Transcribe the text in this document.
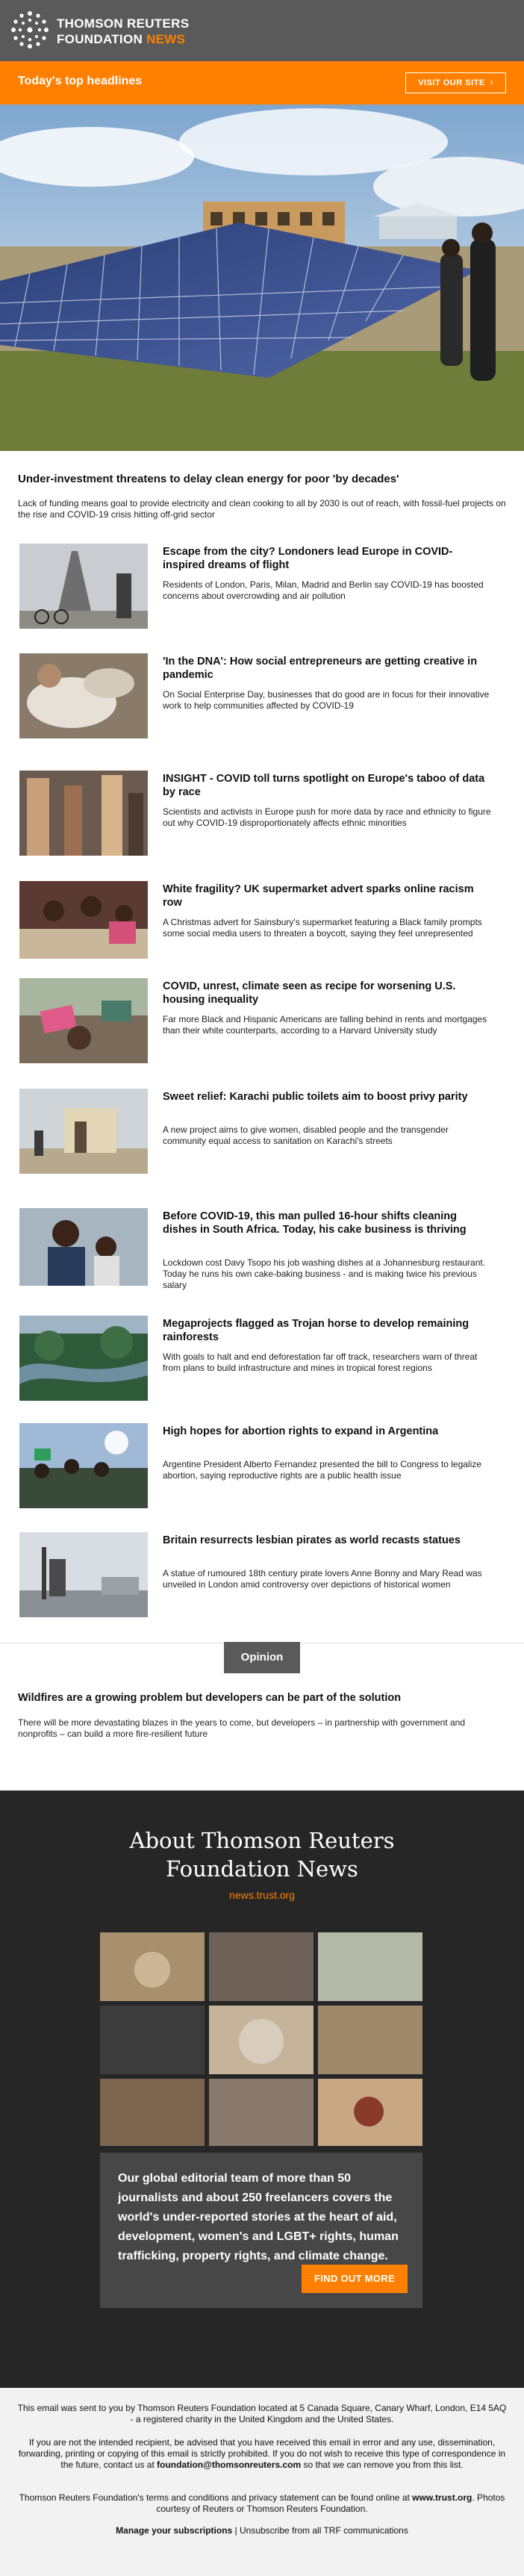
THOMSON REUTERS
FOUNDATION NEWS
Today's top headlines	VISIT OUR SITE ›
Under-investment threatens to delay clean energy for poor 'by decades'
Lack of funding means goal to provide electricity and clean cooking to all by 2030 is out of reach, with fossil-fuel projects on the rise and COVID-19 crisis hitting off-grid sector
Escape from the city? Londoners lead Europe in COVID-inspired dreams of flight
Residents of London, Paris, Milan, Madrid and Berlin say COVID-19 has boosted concerns about overcrowding and air pollution
'In the DNA': How social entrepreneurs are getting creative in pandemic
On Social Enterprise Day, businesses that do good are in focus for their innovative work to help communities affected by COVID-19
INSIGHT - COVID toll turns spotlight on Europe's taboo of data by race
Scientists and activists in Europe push for more data by race and ethnicity to figure out why COVID-19 disproportionately affects ethnic minorities
White fragility? UK supermarket advert sparks online racism row
A Christmas advert for Sainsbury's supermarket featuring a Black family prompts some social media users to threaten a boycott, saying they feel unrepresented
COVID, unrest, climate seen as recipe for worsening U.S. housing inequality
Far more Black and Hispanic Americans are falling behind in rents and mortgages than their white counterparts, according to a Harvard University study
Sweet relief: Karachi public toilets aim to boost privy parity
A new project aims to give women, disabled people and the transgender community equal access to sanitation on Karachi's streets
Before COVID-19, this man pulled 16-hour shifts cleaning dishes in South Africa. Today, his cake business is thriving
Lockdown cost Davy Tsopo his job washing dishes at a Johannesburg restaurant. Today he runs his own cake-baking business - and is making twice his previous salary
Megaprojects flagged as Trojan horse to develop remaining rainforests
With goals to halt and end deforestation far off track, researchers warn of threat from plans to build infrastructure and mines in tropical forest regions
High hopes for abortion rights to expand in Argentina
Argentine President Alberto Fernandez presented the bill to Congress to legalize abortion, saying reproductive rights are a public health issue
Britain resurrects lesbian pirates as world recasts statues
A statue of rumoured 18th century pirate lovers Anne Bonny and Mary Read was unveiled in London amid controversy over depictions of historical women
Opinion
Wildfires are a growing problem but developers can be part of the solution
There will be more devastating blazes in the years to come, but developers – in partnership with government and nonprofits – can build a more fire-resilient future
About Thomson Reuters
Foundation News
news.trust.org
Our global editorial team of more than 50 journalists and about 250 freelancers covers the world's under-reported stories at the heart of aid, development, women's and LGBT+ rights, human trafficking, property rights, and climate change.
FIND OUT MORE
This email was sent to you by Thomson Reuters Foundation located at 5 Canada Square, Canary Wharf, London, E14 5AQ - a registered charity in the United Kingdom and the United States.
If you are not the intended recipient, be advised that you have received this email in error and any use, dissemination, forwarding, printing or copying of this email is strictly prohibited. If you do not wish to receive this type of correspondence in the future, contact us at foundation@thomsonreuters.com so that we can remove you from this list.
Thomson Reuters Foundation's terms and conditions and privacy statement can be found online at www.trust.org. Photos courtesy of Reuters or Thomson Reuters Foundation.
Manage your subscriptions | Unsubscribe from all TRF communications
